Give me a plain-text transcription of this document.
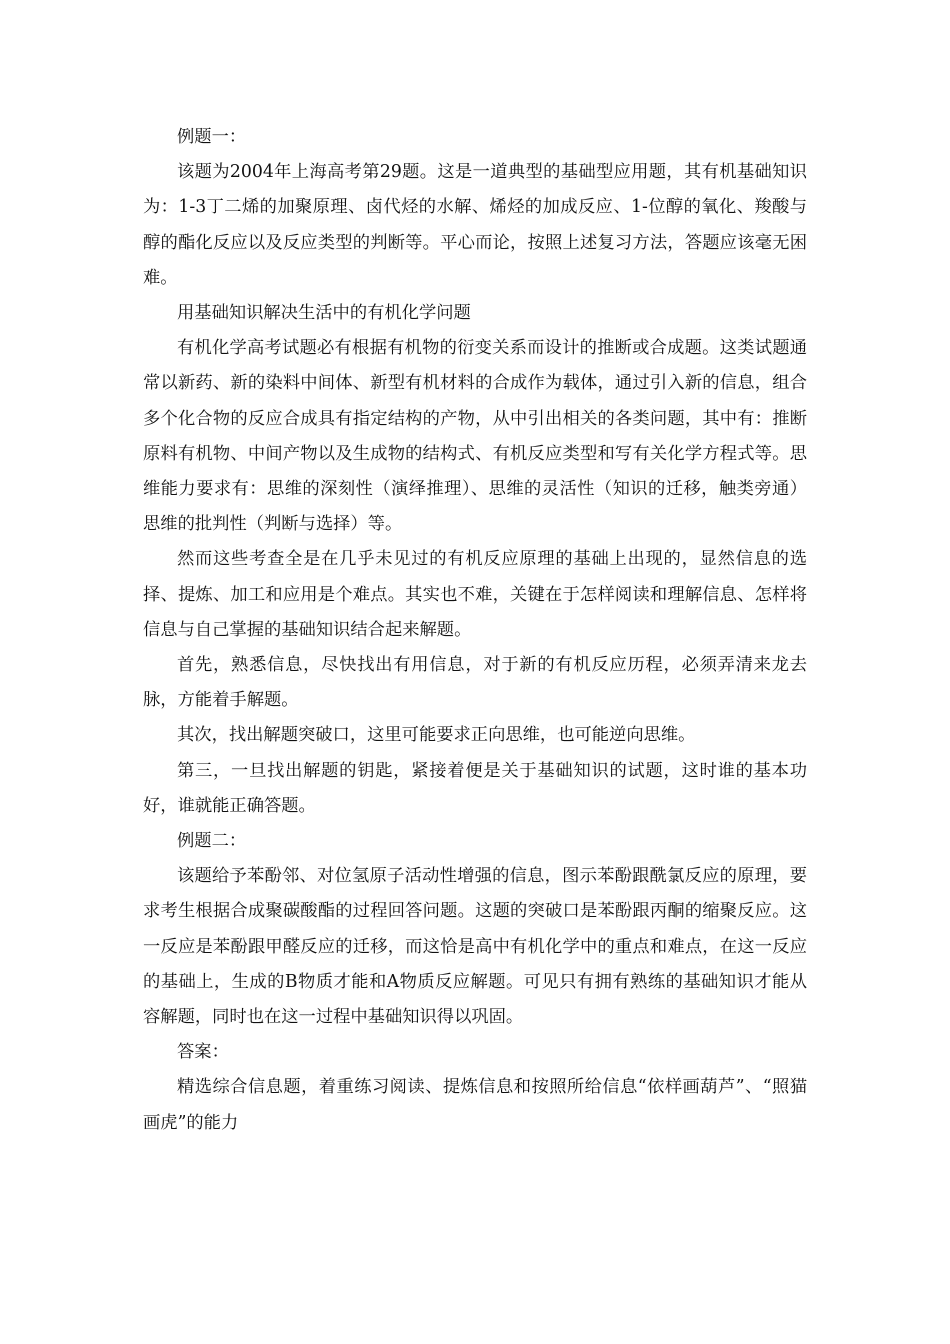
例题一：

该题为2004年上海高考第29题。这是一道典型的基础型应用题，其有机基础知识为：1-3丁二烯的加聚原理、卤代烃的水解、烯烃的加成反应、1-位醇的氧化、羧酸与醇的酯化反应以及反应类型的判断等。平心而论，按照上述复习方法，答题应该毫无困难。

用基础知识解决生活中的有机化学问题

有机化学高考试题必有根据有机物的衍变关系而设计的推断或合成题。这类试题通常以新药、新的染料中间体、新型有机材料的合成作为载体，通过引入新的信息，组合多个化合物的反应合成具有指定结构的产物，从中引出相关的各类问题，其中有：推断原料有机物、中间产物以及生成物的结构式、有机反应类型和写有关化学方程式等。思维能力要求有：思维的深刻性（演绎推理）、思维的灵活性（知识的迁移，触类旁通）思维的批判性（判断与选择）等。

然而这些考查全是在几乎未见过的有机反应原理的基础上出现的，显然信息的选择、提炼、加工和应用是个难点。其实也不难，关键在于怎样阅读和理解信息、怎样将信息与自己掌握的基础知识结合起来解题。

首先，熟悉信息，尽快找出有用信息，对于新的有机反应历程，必须弄清来龙去脉，方能着手解题。

其次，找出解题突破口，这里可能要求正向思维，也可能逆向思维。

第三，一旦找出解题的钥匙，紧接着便是关于基础知识的试题，这时谁的基本功好，谁就能正确答题。

例题二：

该题给予苯酚邻、对位氢原子活动性增强的信息，图示苯酚跟酰氯反应的原理，要求考生根据合成聚碳酸酯的过程回答问题。这题的突破口是苯酚跟丙酮的缩聚反应。这一反应是苯酚跟甲醛反应的迁移，而这恰是高中有机化学中的重点和难点，在这一反应的基础上，生成的B物质才能和A物质反应解题。可见只有拥有熟练的基础知识才能从容解题，同时也在这一过程中基础知识得以巩固。

答案：

精选综合信息题，着重练习阅读、提炼信息和按照所给信息“依样画葫芦”、“照猫画虎”的能力
